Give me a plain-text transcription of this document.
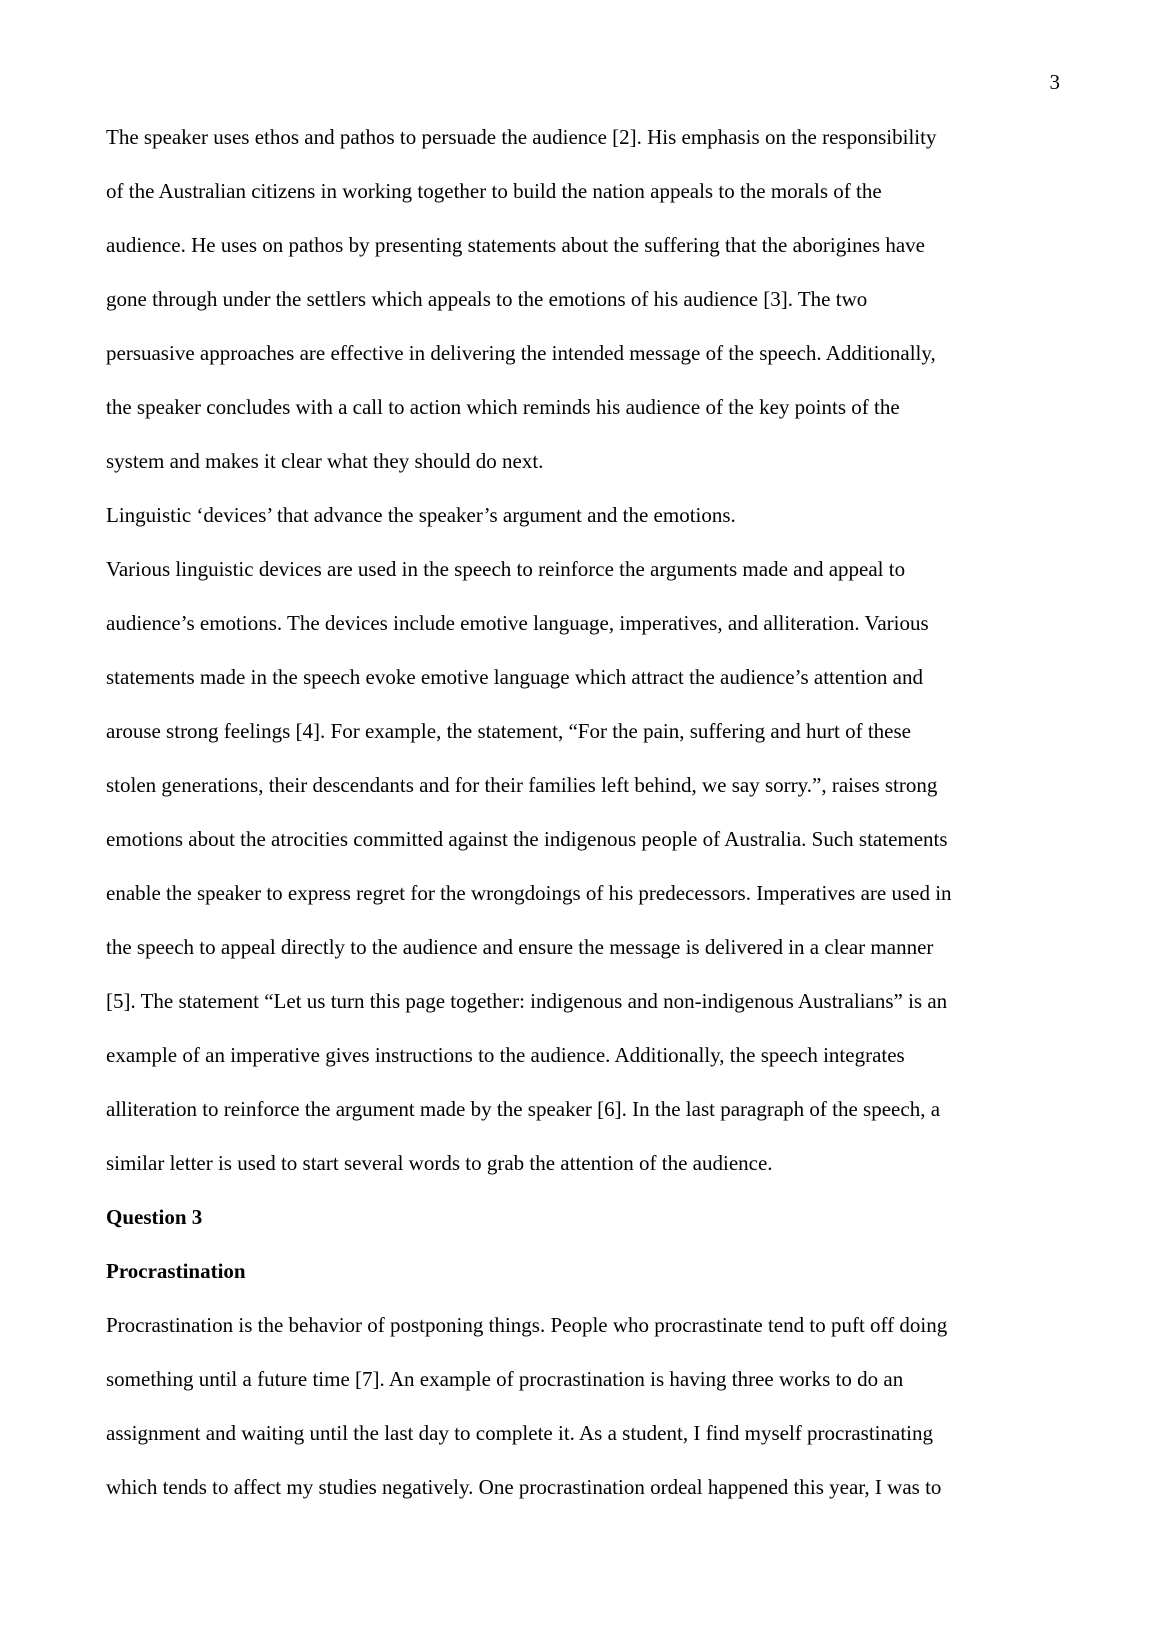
3

The speaker uses ethos and pathos to persuade the audience [2]. His emphasis on the responsibility

of the Australian citizens in working together to build the nation appeals to the morals of the

audience. He uses on pathos by presenting statements about the suffering that the aborigines have

gone through under the settlers which appeals to the emotions of his audience [3]. The two

persuasive approaches are effective in delivering the intended message of the speech. Additionally,

the speaker concludes with a call to action which reminds his audience of the key points of the

system and makes it clear what they should do next.

Linguistic ‘devices’ that advance the speaker’s argument and the emotions.

Various linguistic devices are used in the speech to reinforce the arguments made and appeal to

audience’s emotions. The devices include emotive language, imperatives, and alliteration. Various

statements made in the speech evoke emotive language which attract the audience’s attention and

arouse strong feelings [4]. For example, the statement, “For the pain, suffering and hurt of these

stolen generations, their descendants and for their families left behind, we say sorry.”, raises strong

emotions about the atrocities committed against the indigenous people of Australia. Such statements

enable the speaker to express regret for the wrongdoings of his predecessors. Imperatives are used in

the speech to appeal directly to the audience and ensure the message is delivered in a clear manner

[5]. The statement “Let us turn this page together: indigenous and non-indigenous Australians” is an

example of an imperative gives instructions to the audience. Additionally, the speech integrates

alliteration to reinforce the argument made by the speaker [6]. In the last paragraph of the speech, a

similar letter is used to start several words to grab the attention of the audience.

Question 3

Procrastination

Procrastination is the behavior of postponing things. People who procrastinate tend to puft off doing

something until a future time [7]. An example of procrastination is having three works to do an

assignment and waiting until the last day to complete it. As a student, I find myself procrastinating

which tends to affect my studies negatively. One procrastination ordeal happened this year, I was to
